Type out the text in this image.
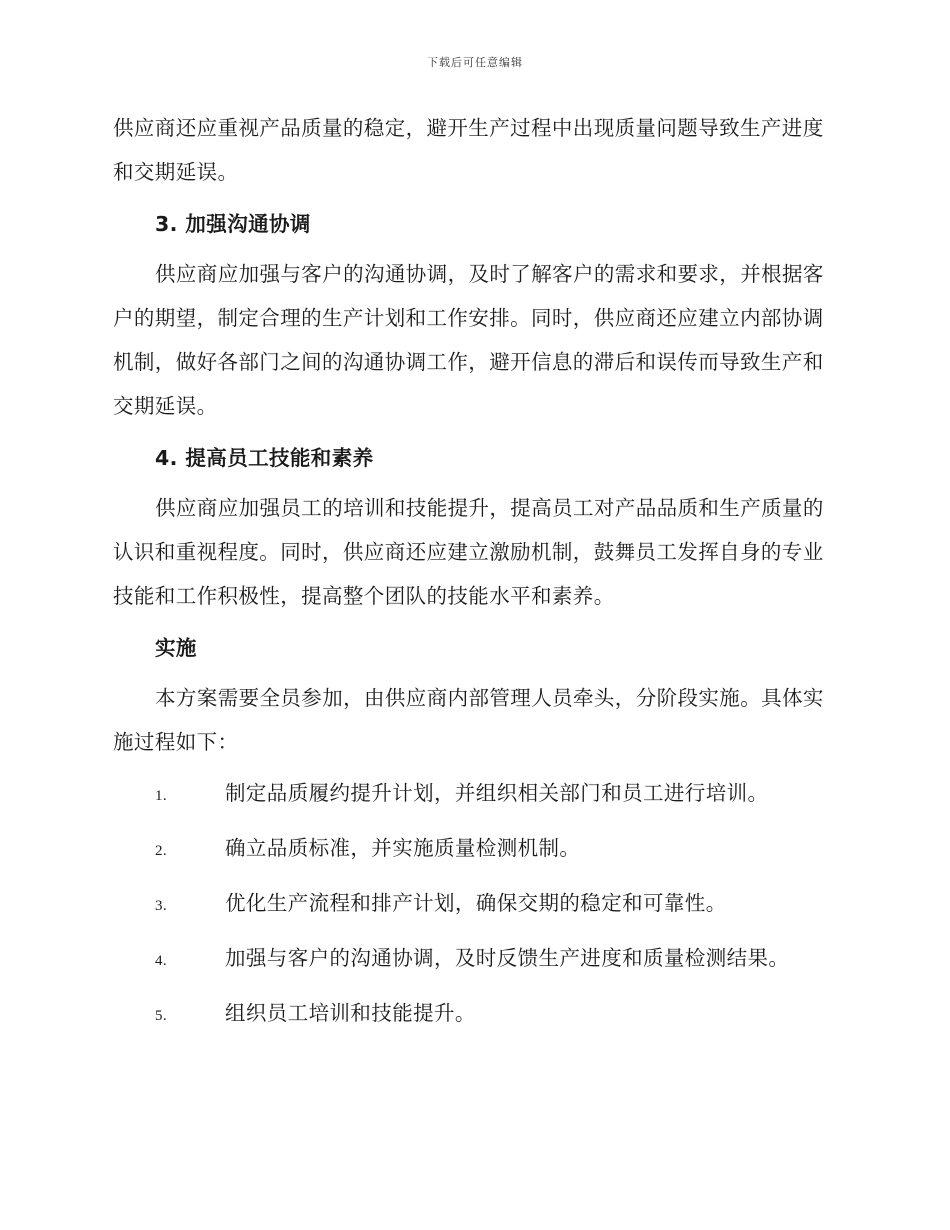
下载后可任意编辑

供应商还应重视产品质量的稳定，避开生产过程中出现质量问题导致生产进度和交期延误。

3. 加强沟通协调

供应商应加强与客户的沟通协调，及时了解客户的需求和要求，并根据客户的期望，制定合理的生产计划和工作安排。同时，供应商还应建立内部协调机制，做好各部门之间的沟通协调工作，避开信息的滞后和误传而导致生产和交期延误。

4. 提高员工技能和素养

供应商应加强员工的培训和技能提升，提高员工对产品品质和生产质量的认识和重视程度。同时，供应商还应建立激励机制，鼓舞员工发挥自身的专业技能和工作积极性，提高整个团队的技能水平和素养。

实施

本方案需要全员参加，由供应商内部管理人员牵头，分阶段实施。具体实施过程如下：

1.	制定品质履约提升计划，并组织相关部门和员工进行培训。
2.	确立品质标准，并实施质量检测机制。
3.	优化生产流程和排产计划，确保交期的稳定和可靠性。
4.	加强与客户的沟通协调，及时反馈生产进度和质量检测结果。
5.	组织员工培训和技能提升。
